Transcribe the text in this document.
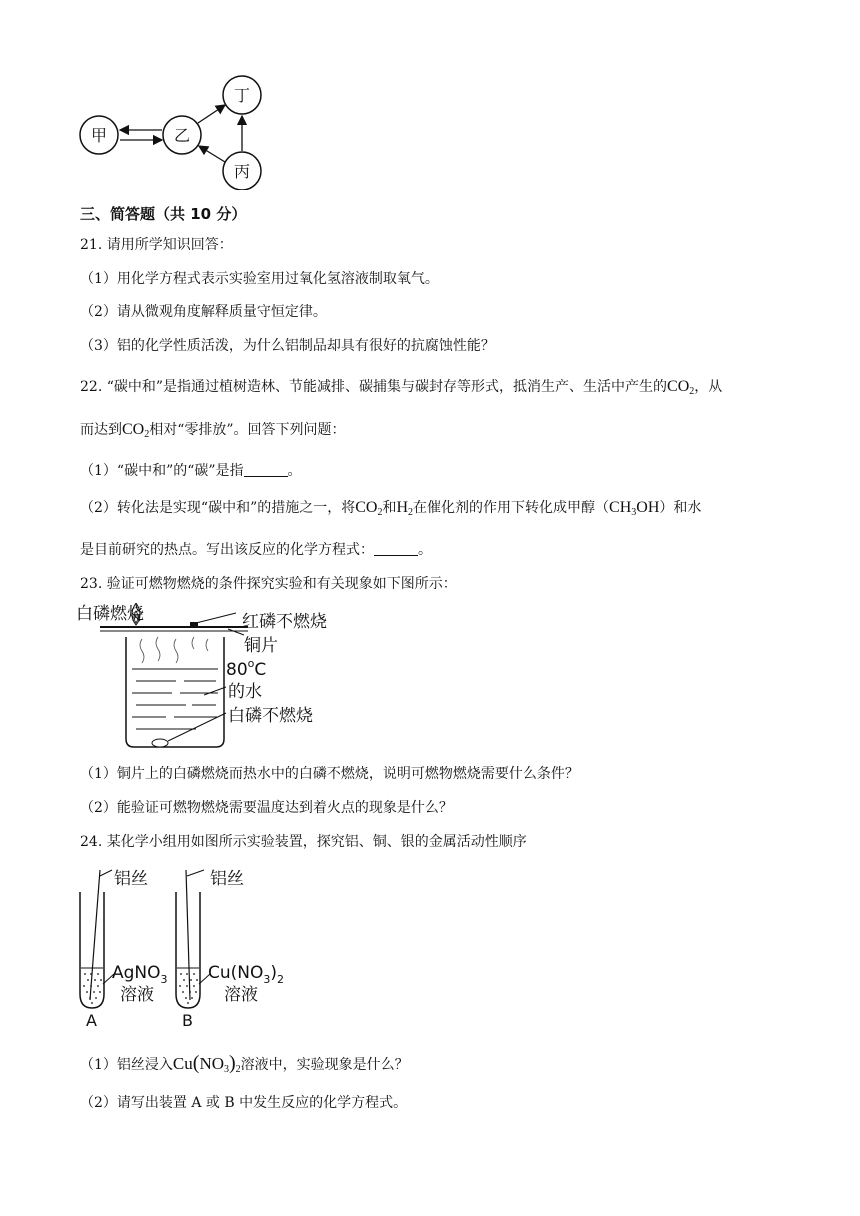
甲	乙
丁
丙
三、简答题（共 10 分）
21. 请用所学知识回答：
（1）用化学方程式表示实验室用过氧化氢溶液制取氧气。
（2）请从微观角度解释质量守恒定律。
（3）铝的化学性质活泼，为什么铝制品却具有很好的抗腐蚀性能？
22. “碳中和”是指通过植树造林、节能减排、碳捕集与碳封存等形式，抵消生产、生活中产生的$CO_2$，从
而达到$CO_2$相对“零排放”。回答下列问题：
（1）“碳中和”的“碳”是指	。
（2）转化法是实现“碳中和”的措施之一，将$CO_2$和$H_2$在催化剂的作用下转化成甲醇$(CH_3OH)$和水
是目前研究的热点。写出该反应的化学方程式：	。
23. 验证可燃物燃烧的条件探究实验和有关现象如下图所示：
白磷燃烧	红磷不燃烧
铜片
80$^o$C
的水
白磷不燃烧
（1）铜片上的白磷燃烧而热水中的白磷不燃烧，说明可燃物燃烧需要什么条件？
（2）能验证可燃物燃烧需要温度达到着火点的现象是什么？
24. 某化学小组用如图所示实验装置，探究铝、铜、银的金属活动性顺序
铝丝	铝丝
AgNO$_3$
溶液
$Cu(NO_3)_2$
溶液
A	B
（1）铝丝浸入$Cu(NO_3)_2$溶液中，实验现象是什么？
（2）请写出装置 A 或 B 中发生反应的化学方程式。
